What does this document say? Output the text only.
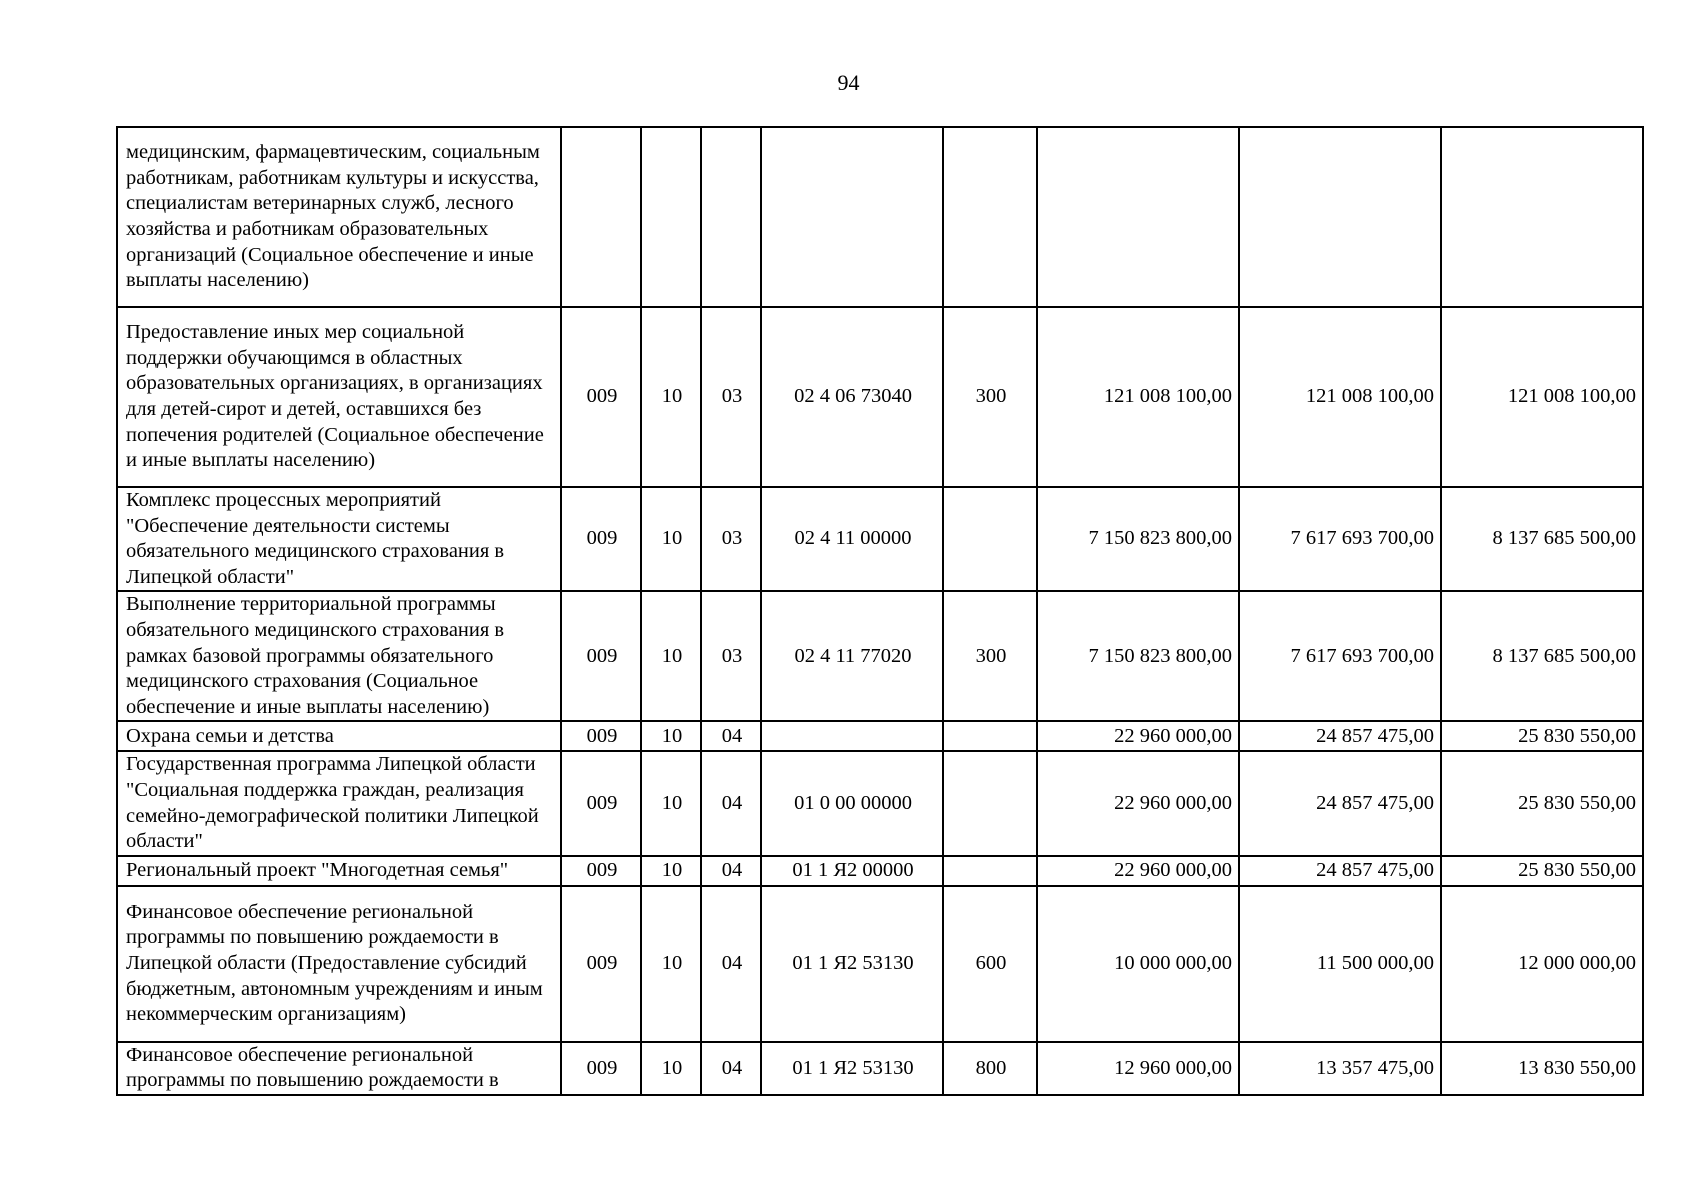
94
медицинским, фармацевтическим, социальным работникам, работникам культуры и искусства, специалистам ветеринарных служб, лесного хозяйства и работникам образовательных организаций (Социальное обеспечение и иные выплаты населению)								
Предоставление иных мер социальной поддержки обучающимся в областных образовательных организациях, в организациях для детей-сирот и детей, оставшихся без попечения родителей (Социальное обеспечение и иные выплаты населению)	009	10	03	02 4 06 73040	300	121 008 100,00	121 008 100,00	121 008 100,00
Комплекс процессных мероприятий "Обеспечение деятельности системы обязательного медицинского страхования в Липецкой области"	009	10	03	02 4 11 00000		7 150 823 800,00	7 617 693 700,00	8 137 685 500,00
Выполнение территориальной программы обязательного медицинского страхования в рамках базовой программы обязательного медицинского страхования (Социальное обеспечение и иные выплаты населению)	009	10	03	02 4 11 77020	300	7 150 823 800,00	7 617 693 700,00	8 137 685 500,00
Охрана семьи и детства	009	10	04			22 960 000,00	24 857 475,00	25 830 550,00
Государственная программа Липецкой области "Социальная поддержка граждан, реализация семейно-демографической политики Липецкой области"	009	10	04	01 0 00 00000		22 960 000,00	24 857 475,00	25 830 550,00
Региональный проект "Многодетная семья"	009	10	04	01 1 Я2 00000		22 960 000,00	24 857 475,00	25 830 550,00
Финансовое обеспечение региональной программы по повышению рождаемости в Липецкой области (Предоставление субсидий бюджетным, автономным учреждениям и иным некоммерческим организациям)	009	10	04	01 1 Я2 53130	600	10 000 000,00	11 500 000,00	12 000 000,00
Финансовое обеспечение региональной программы по повышению рождаемости в	009	10	04	01 1 Я2 53130	800	12 960 000,00	13 357 475,00	13 830 550,00
